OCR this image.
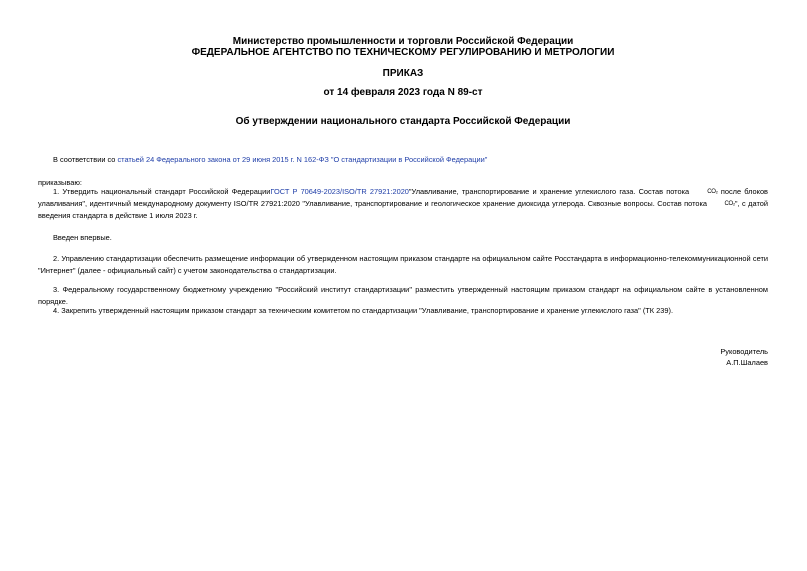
Министерство промышленности и торговли Российской Федерации
ФЕДЕРАЛЬНОЕ АГЕНТСТВО ПО ТЕХНИЧЕСКОМУ РЕГУЛИРОВАНИЮ И МЕТРОЛОГИИ
ПРИКАЗ
от 14 февраля 2023 года N 89-ст
Об утверждении национального стандарта Российской Федерации
В соответствии со статьей 24 Федерального закона от 29 июня 2015 г. N 162-ФЗ "О стандартизации в Российской Федерации"
приказываю:
1. Утвердить национальный стандарт Российской ФедерацииГОСТ Р 70649-2023/ISO/TR 27921:2020"Улавливание, транспортирование и хранение углекислого газа. Состав потока	CO₂ после блоков улавливания", идентичный международному документу ISO/TR 27921:2020 "Улавливание, транспортирование и геологическое хранение диоксида углерода. Сквозные вопросы. Состав потока	CO₂", с датой введения стандарта в действие 1 июля 2023 г.
Введен впервые.
2. Управлению стандартизации обеспечить размещение информации об утвержденном настоящим приказом стандарте на официальном сайте Росстандарта в информационно-телекоммуникационной сети "Интернет" (далее - официальный сайт) с учетом законодательства о стандартизации.
3. Федеральному государственному бюджетному учреждению "Российский институт стандартизации" разместить утвержденный настоящим приказом стандарт на официальном сайте в установленном порядке.
4. Закрепить утвержденный настоящим приказом стандарт за техническим комитетом по стандартизации "Улавливание, транспортирование и хранение углекислого газа" (ТК 239).
Руководитель
А.П.Шалаев
